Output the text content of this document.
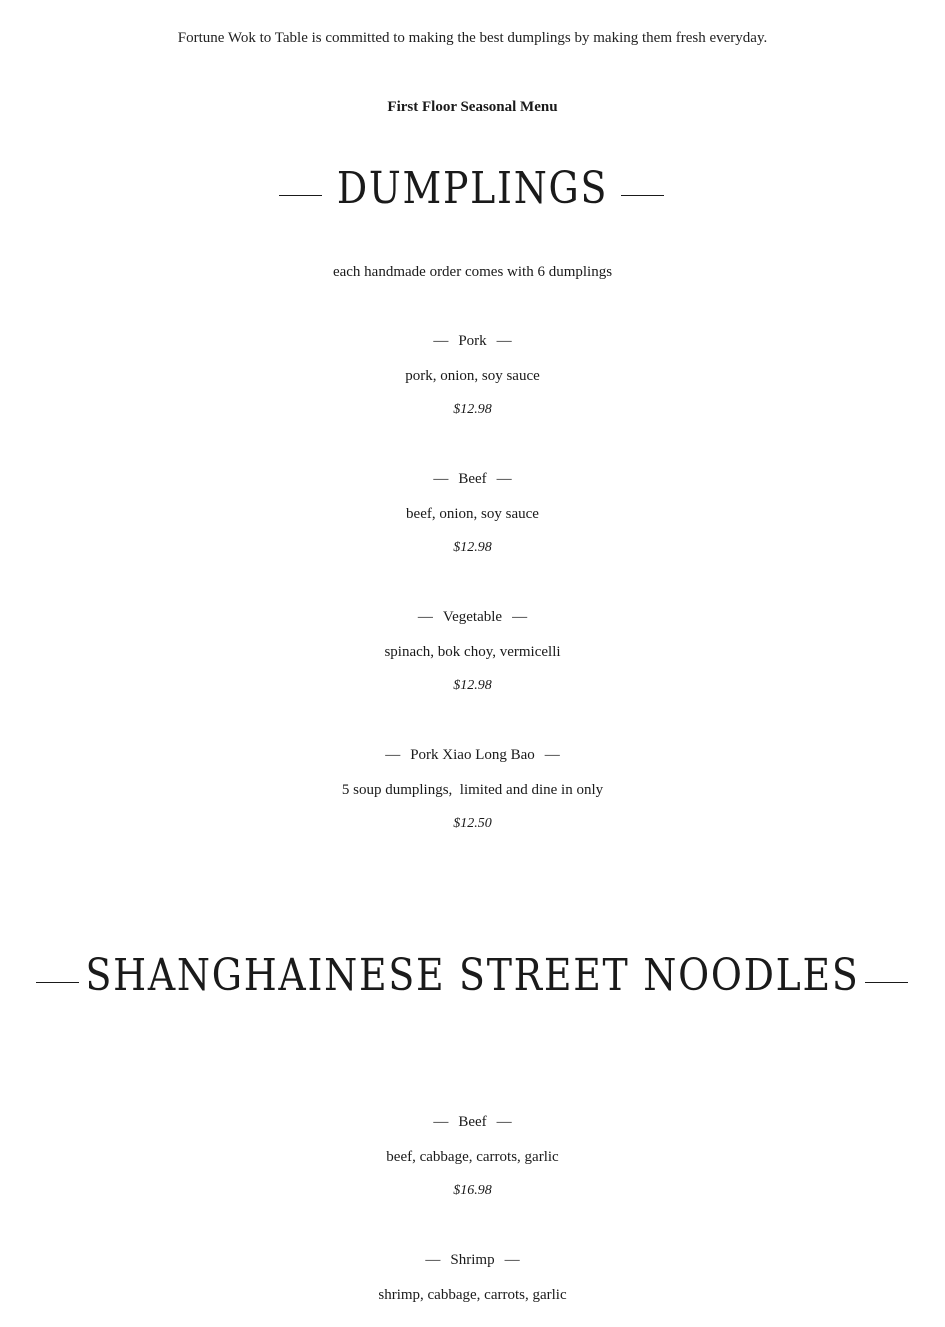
Fortune Wok to Table is committed to making the best dumplings by making them fresh everyday.
First Floor Seasonal Menu
DUMPLINGS
each handmade order comes with 6 dumplings
— Pork —
pork, onion, soy sauce
$12.98
— Beef —
beef, onion, soy sauce
$12.98
— Vegetable —
spinach, bok choy, vermicelli
$12.98
— Pork Xiao Long Bao —
5 soup dumplings,  limited and dine in only
$12.50
SHANGHAINESE STREET NOODLES
— Beef —
beef, cabbage, carrots, garlic
$16.98
— Shrimp —
shrimp, cabbage, carrots, garlic
